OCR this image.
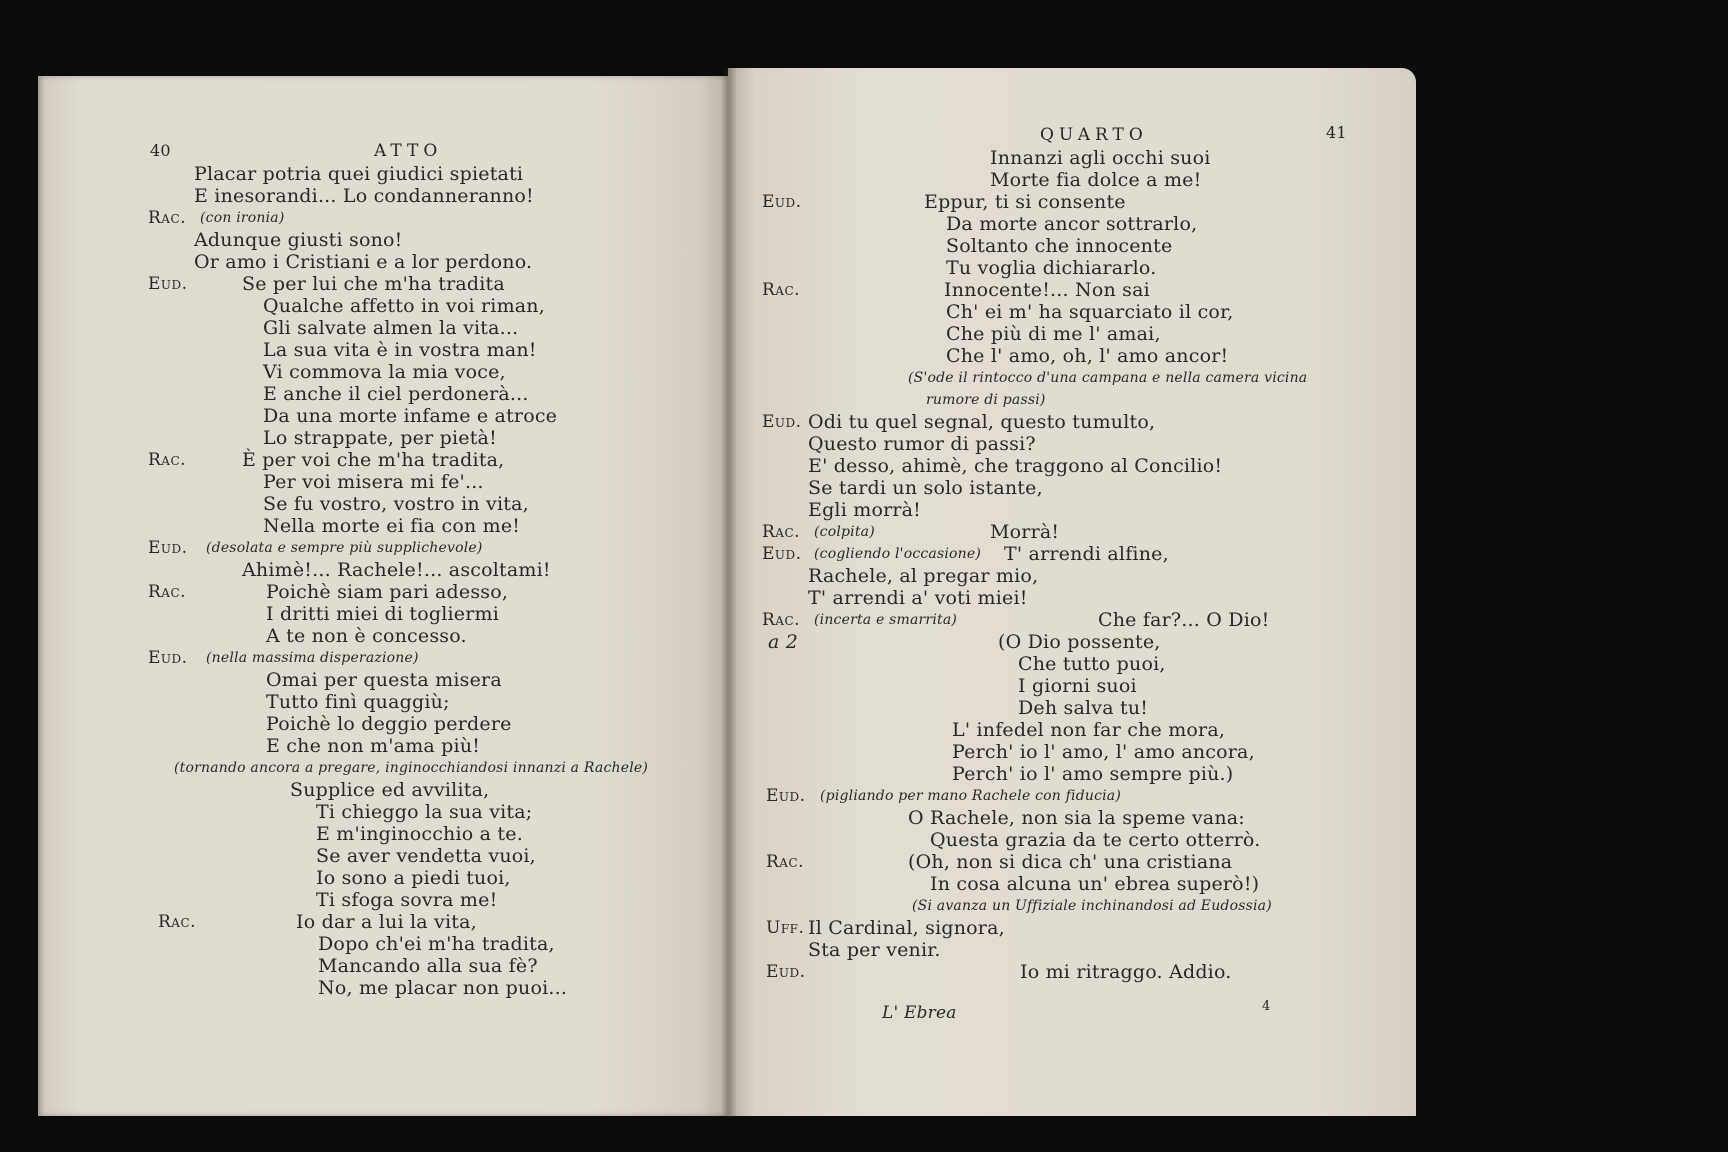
40	ATTO
Placar potria quei giudici spietati
E inesorandi... Lo condanneranno!
Rac. (con ironia)
Adunque giusti sono!
Or amo i Cristiani e a lor perdono.
Eud.	Se per lui che m'ha tradita
Qualche affetto in voi riman,
Gli salvate almen la vita...
La sua vita è in vostra man!
Vi commova la mia voce,
E anche il ciel perdonerà...
Da una morte infame e atroce
Lo strappate, per pietà!
Rac.	È per voi che m'ha tradita,
Per voi misera mi fe'...
Se fu vostro, vostro in vita,
Nella morte ei fia con me!
Eud. (desolata e sempre più supplichevole)
Ahimè!... Rachele!... ascoltami!
Rac.	Poichè siam pari adesso,
I dritti miei di togliermi
A te non è concesso.
Eud. (nella massima disperazione)
Omai per questa misera
Tutto finì quaggiù;
Poichè lo deggio perdere
E che non m'ama più!
(tornando ancora a pregare, inginocchiandosi innanzi a Rachele)
Supplice ed avvilita,
Ti chieggo la sua vita;
E m'inginocchio a te.
Se aver vendetta vuoi,
Io sono a piedi tuoi,
Ti sfoga sovra me!
Rac.	Io dar a lui la vita,
Dopo ch'ei m'ha tradita,
Mancando alla sua fè?
No, me placar non puoi...
QUARTO	41
Innanzi agli occhi suoi
Morte fia dolce a me!
Eud.	Eppur, ti si consente
Da morte ancor sottrarlo,
Soltanto che innocente
Tu voglia dichiararlo.
Rac.	Innocente!... Non sai
Ch' ei m' ha squarciato il cor,
Che più di me l' amai,
Che l' amo, oh, l' amo ancor!
(S'ode il rintocco d'una campana e nella camera vicina
rumore di passi)
Eud. Odi tu quel segnal, questo tumulto,
Questo rumor di passi?
E' desso, ahimè, che traggono al Concilio!
Se tardi un solo istante,
Egli morrà!
Rac. (colpita)	Morrà!
Eud. (cogliendo l'occasione) T' arrendi alfine,
Rachele, al pregar mio,
T' arrendi a' voti miei!
Rac. (incerta e smarrita)	Che far?... O Dio!
a 2	(O Dio possente,
Che tutto puoi,
I giorni suoi
Deh salva tu!
L' infedel non far che mora,
Perch' io l' amo, l' amo ancora,
Perch' io l' amo sempre più.)
Eud. (pigliando per mano Rachele con fiducia)
O Rachele, non sia la speme vana:
Questa grazia da te certo otterrò.
Rac.	(Oh, non si dica ch' una cristiana
In cosa alcuna un' ebrea superò!)
(Si avanza un Uffiziale inchinandosi ad Eudossia)
Uff. Il Cardinal, signora,
Sta per venir.
Eud.	Io mi ritraggo. Addio.
L' Ebrea	4
